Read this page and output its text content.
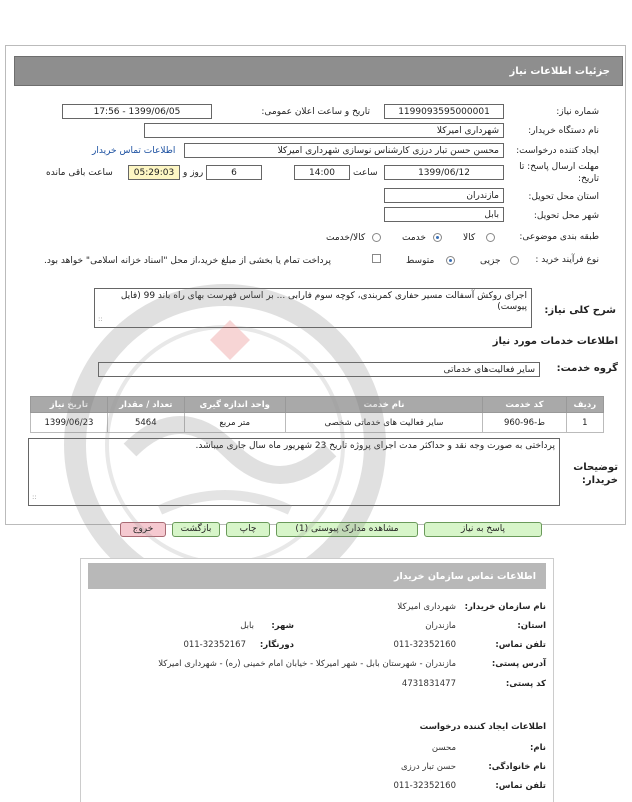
جزئیات اطلاعات نیاز
شماره نیاز:
1199093595000001
تاریخ و ساعت اعلان عمومی:
1399/06/05 - 17:56
نام دستگاه خریدار:
شهرداری امیرکلا
ایجاد کننده درخواست:
محسن حسن تبار درزی کارشناس نوسازی شهرداری امیرکلا
اطلاعات تماس خریدار
مهلت ارسال پاسخ: تا تاریخ:
1399/06/12
ساعت
14:00
6
روز و
05:29:03
ساعت باقی مانده
استان محل تحویل:
مازندران
شهر محل تحویل:
بابل
طبقه بندی موضوعی:
کالا
خدمت
کالا/خدمت
نوع فرآیند خرید :
جزیی
متوسط
پرداخت تمام یا بخشی از مبلغ خرید،از محل "اسناد خزانه اسلامی" خواهد بود.
شرح کلی نیاز:
اجرای روکش آسفالت مسیر حفاری کمربندی، کوچه سوم فارابی ... بر اساس فهرست بهای راه باند 99 (فایل پیوست)
::
اطلاعات خدمات مورد نیاز
گروه خدمت:
سایر فعالیت‌های خدماتی
ردیف	کد خدمت	نام خدمت	واحد اندازه گیری	تعداد / مقدار	تاریخ نیاز
1	ط-96-960	سایر فعالیت های خدماتی شخصی	متر مربع	5464	1399/06/23
توضیحات خریدار:
پرداختی به صورت وجه نقد و حداکثر مدت اجرای پروژه تاریخ 23 شهریور ماه سال جاری میباشد.
::
پاسخ به نیاز
مشاهده مدارک پیوستی (1)
چاپ
بازگشت
خروج
اطلاعات تماس سازمان خریدار
نام سازمان خریدار:
شهرداری امیرکلا
استان:
مازندران
شهر:
بابل
تلفن تماس:
011-32352160
دورنگار:
011-32352167
آدرس پستی:
مازندران - شهرستان بابل - شهر امیرکلا - خیابان امام خمینی (ره) - شهرداری امیرکلا
کد پستی:
4731831477
اطلاعات ایجاد کننده درخواست
نام:
محسن
نام خانوادگی:
حسن تبار درزی
تلفن تماس:
011-32352160
